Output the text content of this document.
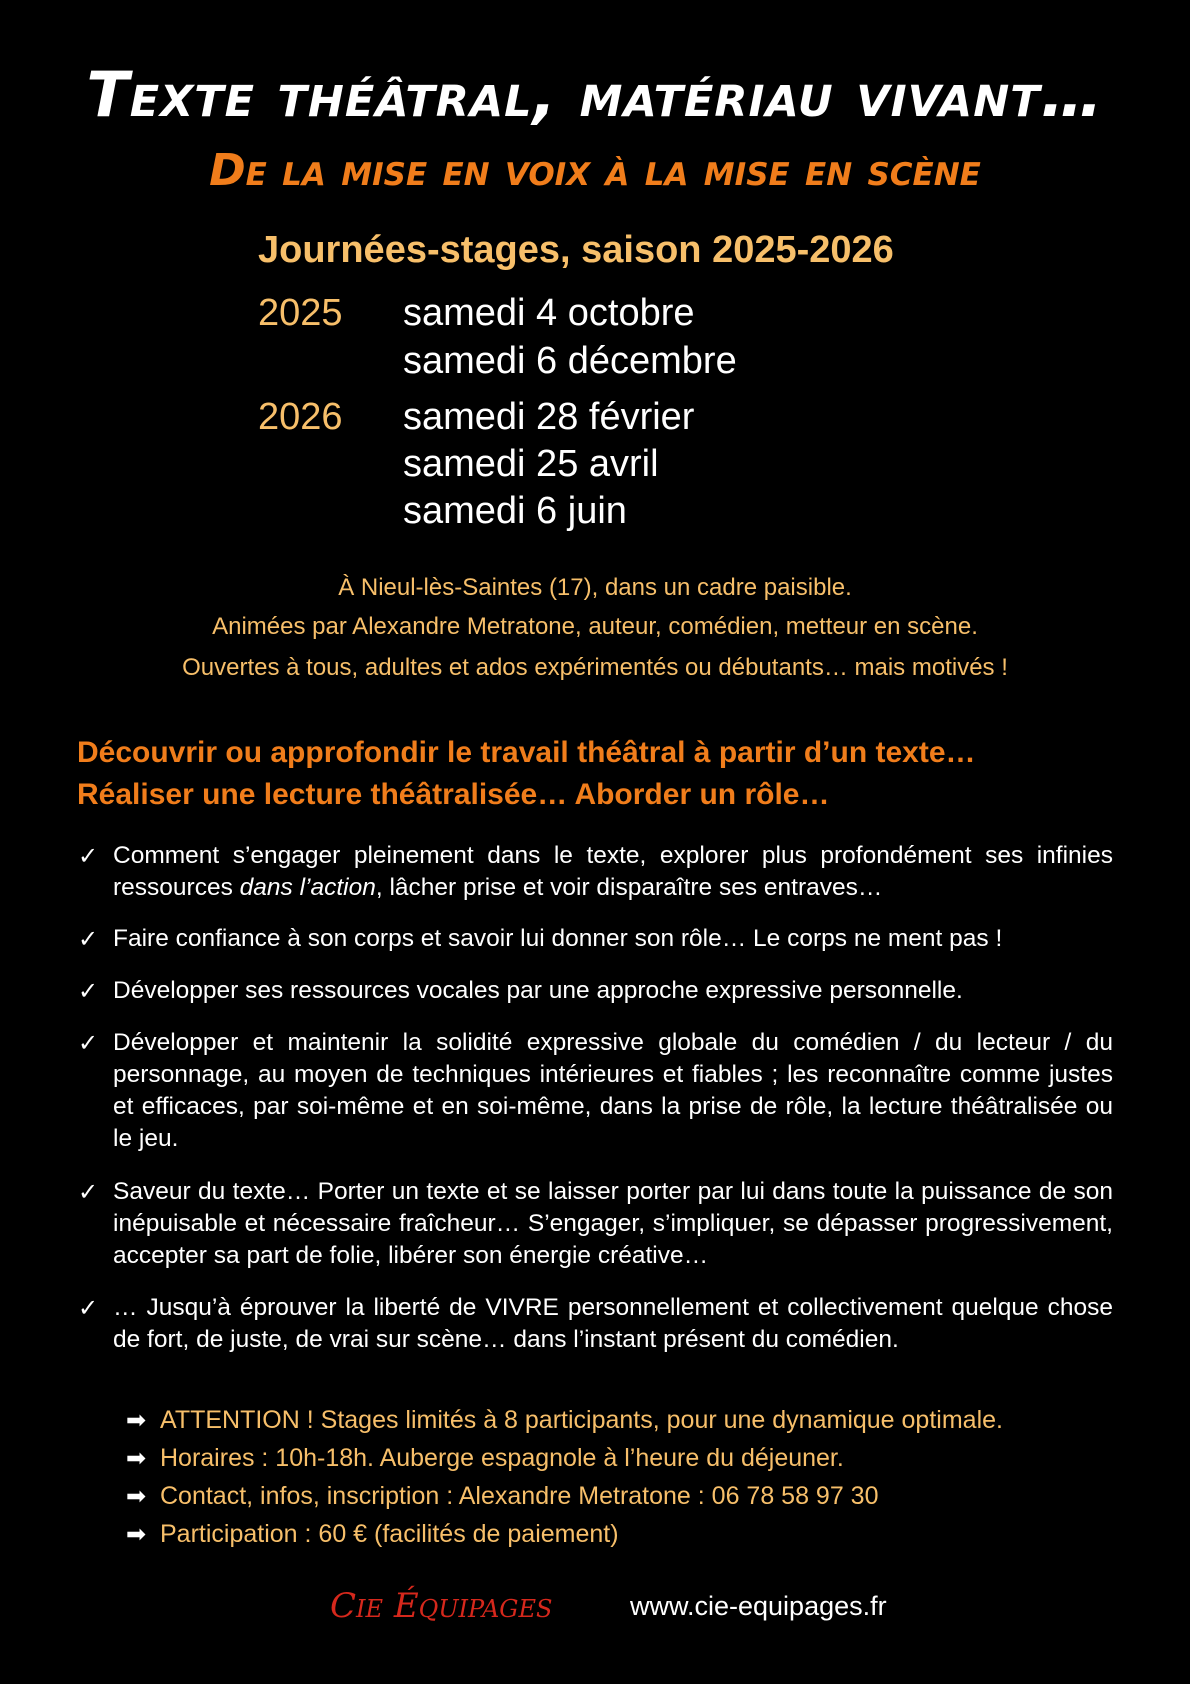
Texte théâtral, matériau vivant…
De la mise en voix à la mise en scène
Journées-stages, saison 2025-2026
2025 samedi 4 octobre
samedi 6 décembre
2026 samedi 28 février
samedi 25 avril
samedi 6 juin
À Nieul-lès-Saintes (17), dans un cadre paisible.
Animées par Alexandre Metratone, auteur, comédien, metteur en scène.
Ouvertes à tous, adultes et ados expérimentés ou débutants… mais motivés !
Découvrir ou approfondir le travail théâtral à partir d’un texte…
Réaliser une lecture théâtralisée… Aborder un rôle…
✓ Comment s’engager pleinement dans le texte, explorer plus profondément ses infinies ressources dans l’action, lâcher prise et voir disparaître ses entraves…
✓ Faire confiance à son corps et savoir lui donner son rôle… Le corps ne ment pas !
✓ Développer ses ressources vocales par une approche expressive personnelle.
✓ Développer et maintenir la solidité expressive globale du comédien / du lecteur / du personnage, au moyen de techniques intérieures et fiables ; les reconnaître comme justes et efficaces, par soi-même et en soi-même, dans la prise de rôle, la lecture théâtralisée ou le jeu.
✓ Saveur du texte… Porter un texte et se laisser porter par lui dans toute la puissance de son inépuisable et nécessaire fraîcheur… S’engager, s’impliquer, se dépasser progressivement, accepter sa part de folie, libérer son énergie créative…
✓ … Jusqu’à éprouver la liberté de VIVRE personnellement et collectivement quelque chose de fort, de juste, de vrai sur scène… dans l’instant présent du comédien.
➡ ATTENTION ! Stages limités à 8 participants, pour une dynamique optimale.
➡ Horaires : 10h-18h. Auberge espagnole à l’heure du déjeuner.
➡ Contact, infos, inscription : Alexandre Metratone : 06 78 58 97 30
➡ Participation : 60 € (facilités de paiement)
Cie Équipages	www.cie-equipages.fr
